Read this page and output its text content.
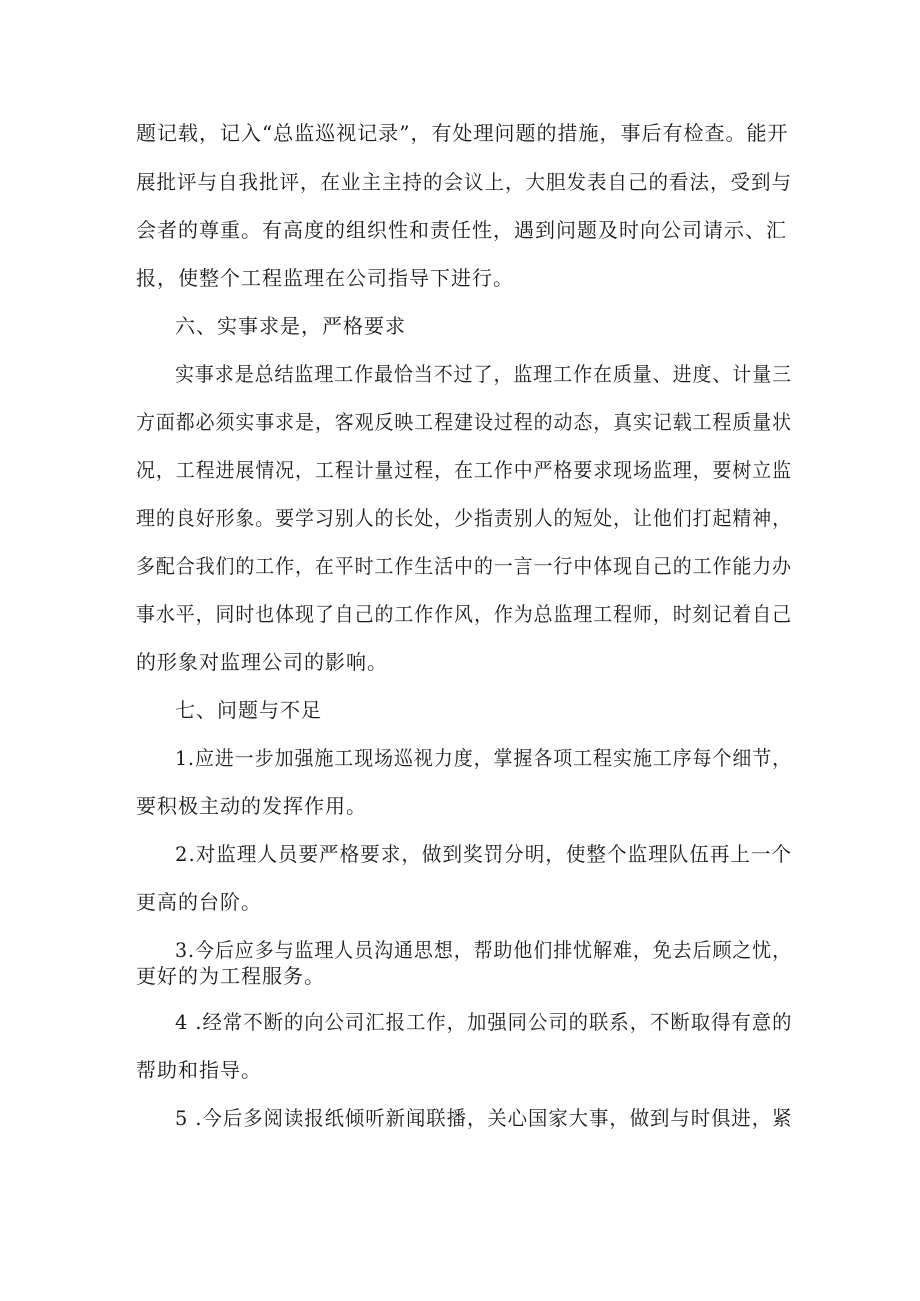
题记载，记入“总监巡视记录”，有处理问题的措施，事后有检查。能开
展批评与自我批评，在业主主持的会议上，大胆发表自己的看法，受到与
会者的尊重。有高度的组织性和责任性，遇到问题及时向公司请示、汇
报，使整个工程监理在公司指导下进行。
六、实事求是，严格要求
实事求是总结监理工作最恰当不过了，监理工作在质量、进度、计量三
方面都必须实事求是，客观反映工程建设过程的动态，真实记载工程质量状
况，工程进展情况，工程计量过程，在工作中严格要求现场监理，要树立监
理的良好形象。要学习别人的长处，少指责别人的短处，让他们打起精神，
多配合我们的工作，在平时工作生活中的一言一行中体现自己的工作能力办
事水平，同时也体现了自己的工作作风，作为总监理工程师，时刻记着自己
的形象对监理公司的影响。
七、问题与不足
1.应进一步加强施工现场巡视力度，掌握各项工程实施工序每个细节，
要积极主动的发挥作用。
2.对监理人员要严格要求，做到奖罚分明，使整个监理队伍再上一个
更高的台阶。
3.今后应多与监理人员沟通思想，帮助他们排忧解难，免去后顾之忧，
更好的为工程服务。
4 .经常不断的向公司汇报工作，加强同公司的联系，不断取得有意的
帮助和指导。
5 .今后多阅读报纸倾听新闻联播，关心国家大事，做到与时俱进，紧
